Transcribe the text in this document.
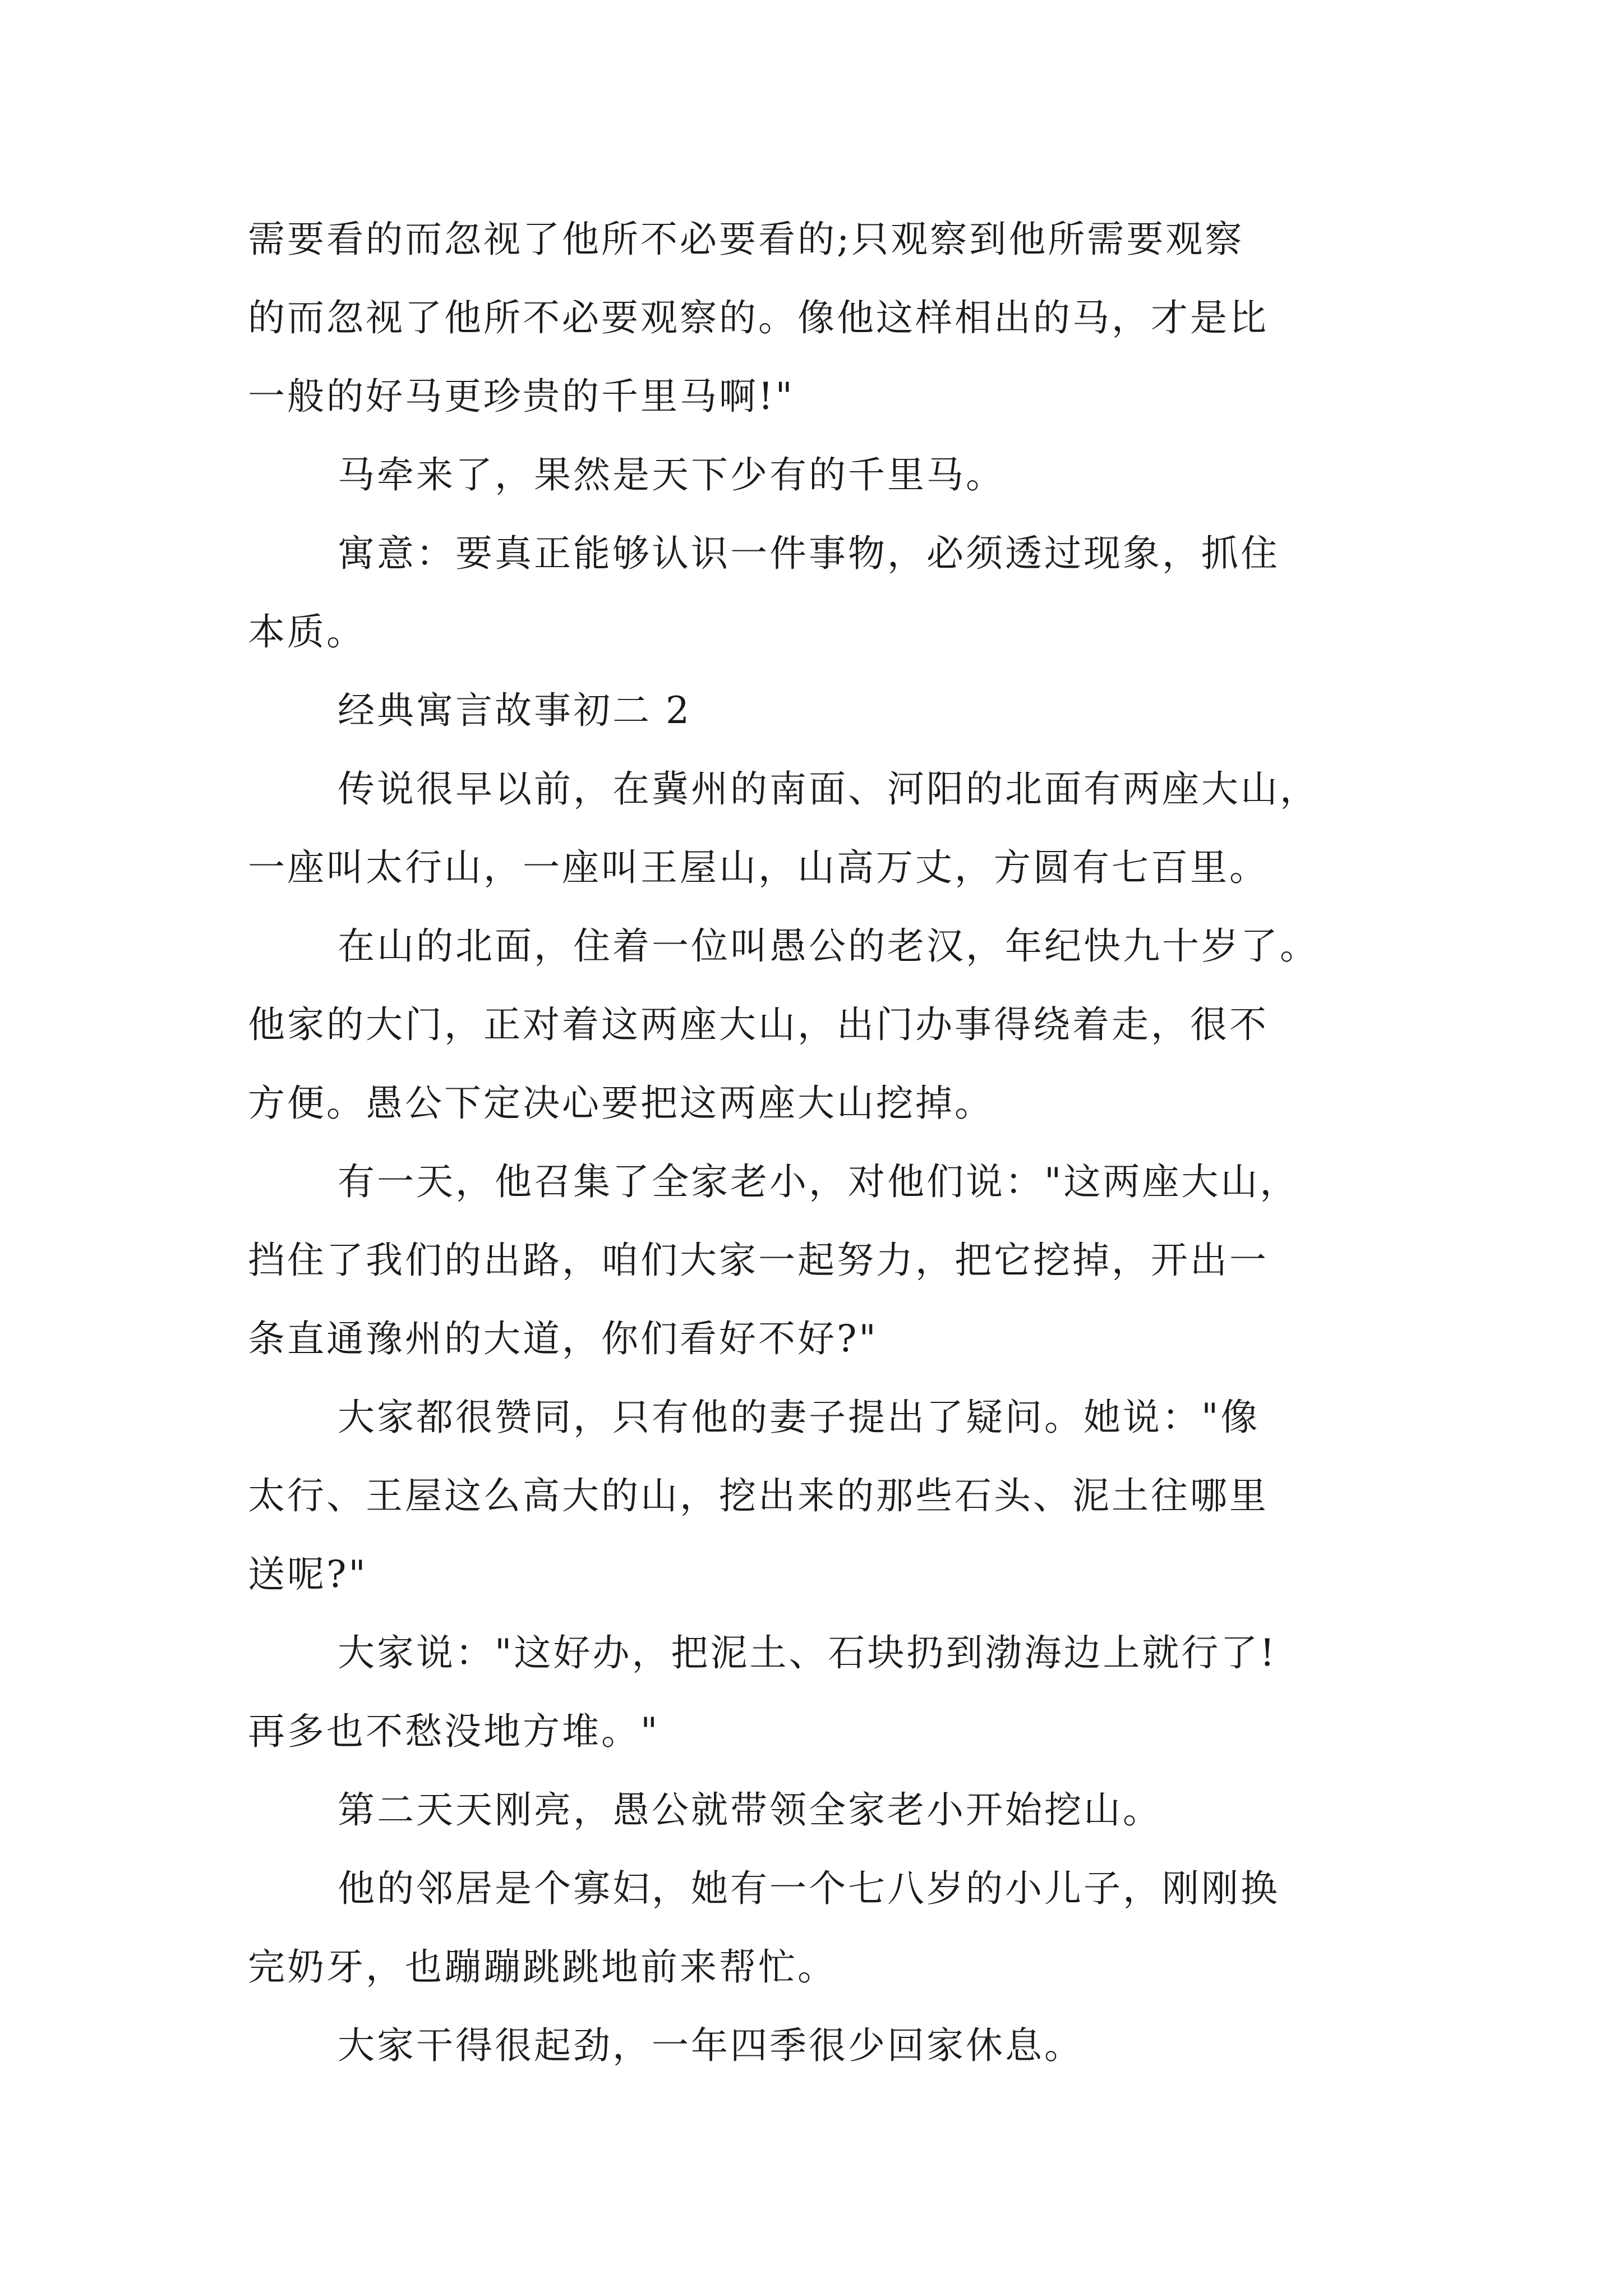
需要看的而忽视了他所不必要看的;只观察到他所需要观察

的而忽视了他所不必要观察的。像他这样相出的马，才是比

一般的好马更珍贵的千里马啊!"

马牵来了，果然是天下少有的千里马。

寓意：要真正能够认识一件事物，必须透过现象，抓住

本质。

经典寓言故事初二 2

传说很早以前，在冀州的南面、河阳的北面有两座大山，

一座叫太行山，一座叫王屋山，山高万丈，方圆有七百里。

在山的北面，住着一位叫愚公的老汉，年纪快九十岁了。

他家的大门，正对着这两座大山，出门办事得绕着走，很不

方便。愚公下定决心要把这两座大山挖掉。

有一天，他召集了全家老小，对他们说："这两座大山，

挡住了我们的出路，咱们大家一起努力，把它挖掉，开出一

条直通豫州的大道，你们看好不好?"

大家都很赞同，只有他的妻子提出了疑问。她说："像

太行、王屋这么高大的山，挖出来的那些石头、泥土往哪里

送呢?"

大家说："这好办，把泥土、石块扔到渤海边上就行了!

再多也不愁没地方堆。"

第二天天刚亮，愚公就带领全家老小开始挖山。

他的邻居是个寡妇，她有一个七八岁的小儿子，刚刚换

完奶牙，也蹦蹦跳跳地前来帮忙。

大家干得很起劲，一年四季很少回家休息。
